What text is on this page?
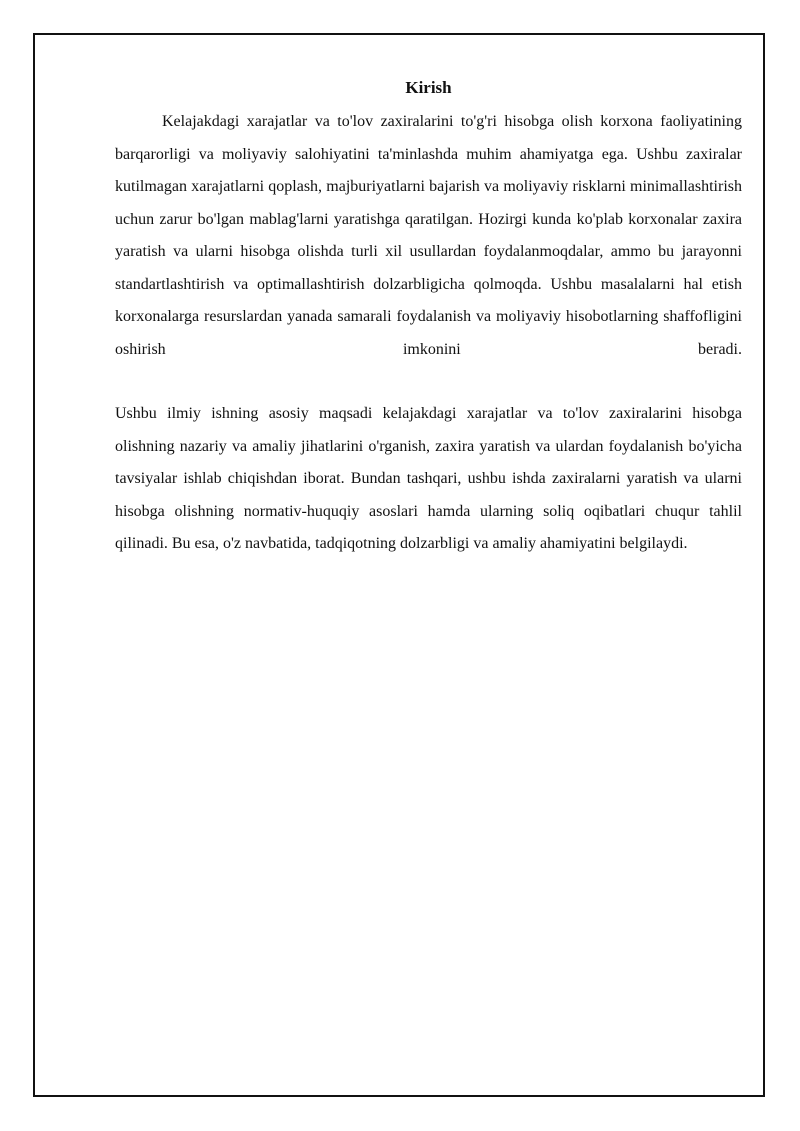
Kirish

Kelajakdagi xarajatlar va to'lov zaxiralarini to'g'ri hisobga olish korxona faoliyatining barqarorligi va moliyaviy salohiyatini ta'minlashda muhim ahamiyatga ega. Ushbu zaxiralar kutilmagan xarajatlarni qoplash, majburiyatlarni bajarish va moliyaviy risklarni minimallashtirish uchun zarur bo'lgan mablag'larni yaratishga qaratilgan. Hozirgi kunda ko'plab korxonalar zaxira yaratish va ularni hisobga olishda turli xil usullardan foydalanmoqdalar, ammo bu jarayonni standartlashtirish va optimallashtirish dolzarbligicha qolmoqda. Ushbu masalalarni hal etish korxonalarga resurslardan yanada samarali foydalanish va moliyaviy hisobotlarning shaffofligini oshirish imkonini beradi.

Ushbu ilmiy ishning asosiy maqsadi kelajakdagi xarajatlar va to'lov zaxiralarini hisobga olishning nazariy va amaliy jihatlarini o'rganish, zaxira yaratish va ulardan foydalanish bo'yicha tavsiyalar ishlab chiqishdan iborat. Bundan tashqari, ushbu ishda zaxiralarni yaratish va ularni hisobga olishning normativ-huquqiy asoslari hamda ularning soliq oqibatlari chuqur tahlil qilinadi. Bu esa, o'z navbatida, tadqiqotning dolzarbligi va amaliy ahamiyatini belgilaydi.
